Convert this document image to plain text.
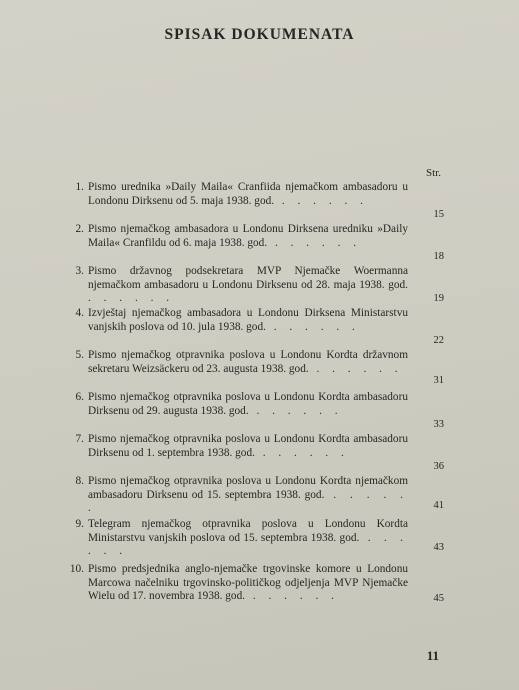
SPISAK DOKUMENATA
Str.
1. Pismo urednika »Daily Maila« Cranfiida njemačkom ambasadoru u Londonu Dirksenu od 5. maja 1938. god. . . . . . .
15
2. Pismo njemačkog ambasadora u Londonu Dirksena uredniku »Daily Maila« Cranfildu od 6. maja 1938. god. . . . . . .
18
3. Pismo državnog podsekretara MVP Njemačke Woermanna njemačkom ambasadoru u Londonu Dirksenu od 28. maja 1938. god. . . . . . .	19
4. Izvještaj njemačkog ambasadora u Londonu Dirksena Ministarstvu vanjskih poslova od 10. jula 1938. god. . . . . . .
22
5. Pismo njemačkog otpravnika poslova u Londonu Kordta državnom sekretaru Weizsäckeru od 23. augusta 1938. god. . . . . . .
31
6. Pismo njemačkog otpravnika poslova u Londonu Kordta ambasadoru Dirksenu od 29. augusta 1938. god. . . . . . .
33
7. Pismo njemačkog otpravnika poslova u Londonu Kordta ambasadoru Dirksenu od 1. septembra 1938. god. . . . . . .
36
8. Pismo njemačkog otpravnika poslova u Londonu Kordta njemačkom ambasadoru Dirksenu od 15. septembra 1938. god. . . . . . .	41
9. Telegram njemačkog otpravnika poslova u Londonu Kordta Ministarstvu vanjskih poslova od 15. septembra 1938. god. . . . . . .	43
10. Pismo predsjednika anglo-njemačke trgovinske komore u Londonu Marcowa načelniku trgovinsko-političkog odjeljenja MVP Njemačke Wielu od 17. novembra 1938. god. . . . . . .	45
11
